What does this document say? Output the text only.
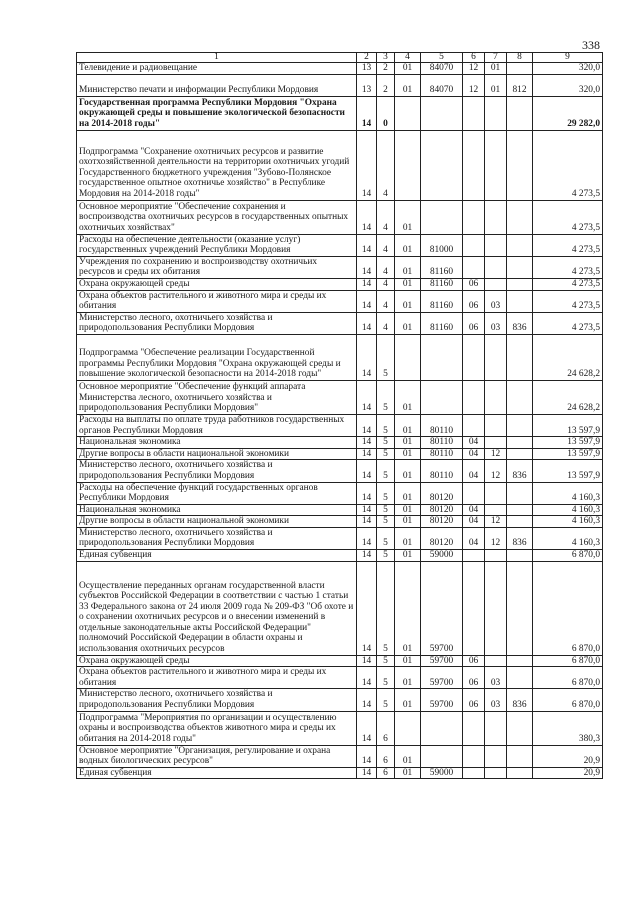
338
1	2	3	4	5	6	7	8	9
Телевидение и радиовещание	13	2	01	84070	12	01		320,0
Министерство печати и информации Республики Мордовия	13	2	01	84070	12	01	812	320,0
Государственная программа Республики Мордовия "Охрана окружающей среды и повышение экологической безопасности на 2014-2018 годы"	14	0						29 282,0
Подпрограмма "Сохранение охотничьих ресурсов и развитие охотхозяйственной деятельности на территории охотничьих угодий Государственного бюджетного учреждения "Зубово-Полянское государственное опытное охотничье хозяйство" в Республике Мордовия на 2014-2018 годы"	14	4						4 273,5
Основное мероприятие "Обеспечение сохранения и воспроизводства охотничьих ресурсов в государственных опытных охотничьих хозяйствах"	14	4	01					4 273,5
Расходы на обеспечение деятельности (оказание услуг) государственных учреждений Республики Мордовия	14	4	01	81000				4 273,5
Учреждения по сохранению и воспроизводству охотничьих ресурсов и среды их обитания	14	4	01	81160				4 273,5
Охрана окружающей среды	14	4	01	81160	06			4 273,5
Охрана объектов растительного и животного мира и среды их обитания	14	4	01	81160	06	03		4 273,5
Министерство лесного, охотничьего хозяйства и природопользования Республики Мордовия	14	4	01	81160	06	03	836	4 273,5
Подпрограмма "Обеспечение реализации Государственной программы Республики Мордовия "Охрана окружающей среды и повышение экологической безопасности на 2014-2018 годы"	14	5						24 628,2
Основное мероприятие "Обеспечение функций аппарата Министерства лесного, охотничьего хозяйства и природопользования Республики Мордовия"	14	5	01					24 628,2
Расходы на выплаты по оплате труда работников государственных органов Республики Мордовия	14	5	01	80110				13 597,9
Национальная экономика	14	5	01	80110	04			13 597,9
Другие вопросы в области национальной экономики	14	5	01	80110	04	12		13 597,9
Министерство лесного, охотничьего хозяйства и природопользования Республики Мордовия	14	5	01	80110	04	12	836	13 597,9
Расходы на обеспечение функций государственных органов Республики Мордовия	14	5	01	80120				4 160,3
Национальная экономика	14	5	01	80120	04			4 160,3
Другие вопросы в области национальной экономики	14	5	01	80120	04	12		4 160,3
Министерство лесного, охотничьего хозяйства и природопользования Республики Мордовия	14	5	01	80120	04	12	836	4 160,3
Единая субвенция	14	5	01	59000				6 870,0
Осуществление переданных органам государственной власти субъектов Российской Федерации в соответствии с частью 1 статьи 33 Федерального закона от 24 июля 2009 года № 209-ФЗ "Об охоте и о сохранении охотничьих ресурсов и о внесении изменений в отдельные законодательные акты Российской Федерации" полномочий Российской Федерации в области охраны и использования охотничьих ресурсов	14	5	01	59700				6 870,0
Охрана окружающей среды	14	5	01	59700	06			6 870,0
Охрана объектов растительного и животного мира и среды их обитания	14	5	01	59700	06	03		6 870,0
Министерство лесного, охотничьего хозяйства и природопользования Республики Мордовия	14	5	01	59700	06	03	836	6 870,0
Подпрограмма "Мероприятия по организации и осуществлению охраны и воспроизводства объектов животного мира и среды их обитания на 2014-2018 годы"	14	6						380,3
Основное мероприятие "Организация, регулирование и охрана водных биологических ресурсов"	14	6	01					20,9
Единая субвенция	14	6	01	59000				20,9
